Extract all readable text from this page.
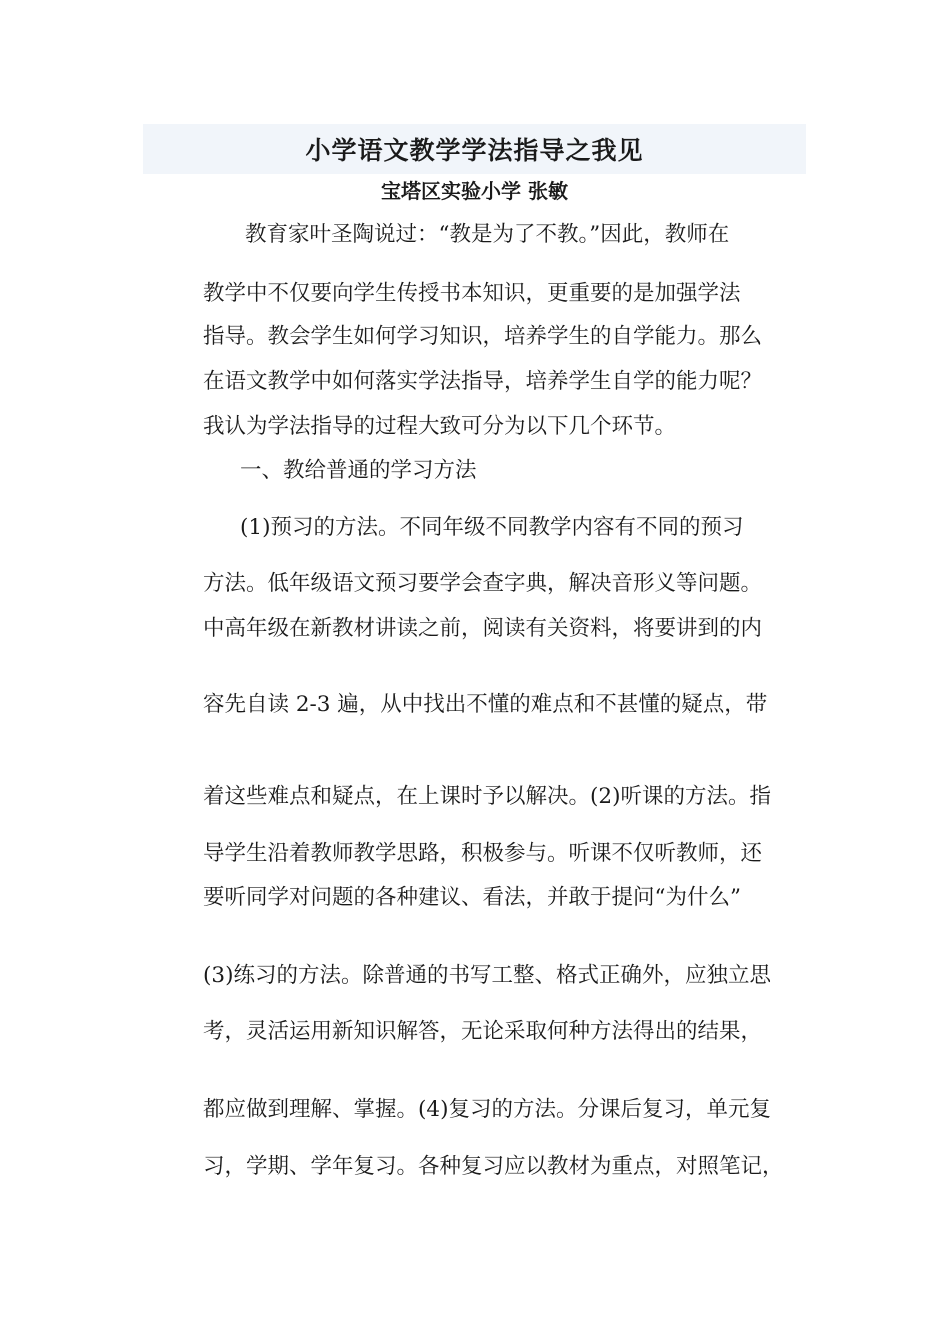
小学语文教学学法指导之我见
宝塔区实验小学 张敏
教育家叶圣陶说过：“教是为了不教。”因此，教师在
教学中不仅要向学生传授书本知识，更重要的是加强学法
指导。教会学生如何学习知识，培养学生的自学能力。那么
在语文教学中如何落实学法指导，培养学生自学的能力呢？
我认为学法指导的过程大致可分为以下几个环节。
一、教给普通的学习方法
(1)预习的方法。不同年级不同教学内容有不同的预习
方法。低年级语文预习要学会查字典，解决音形义等问题。
中高年级在新教材讲读之前，阅读有关资料，将要讲到的内
容先自读 2-3 遍，从中找出不懂的难点和不甚懂的疑点，带
着这些难点和疑点，在上课时予以解决。(2)听课的方法。指
导学生沿着教师教学思路，积极参与。听课不仅听教师，还
要听同学对问题的各种建议、看法，并敢于提问“为什么”
(3)练习的方法。除普通的书写工整、格式正确外，应独立思
考，灵活运用新知识解答，无论采取何种方法得出的结果，
都应做到理解、掌握。(4)复习的方法。分课后复习，单元复
习，学期、学年复习。各种复习应以教材为重点，对照笔记，
